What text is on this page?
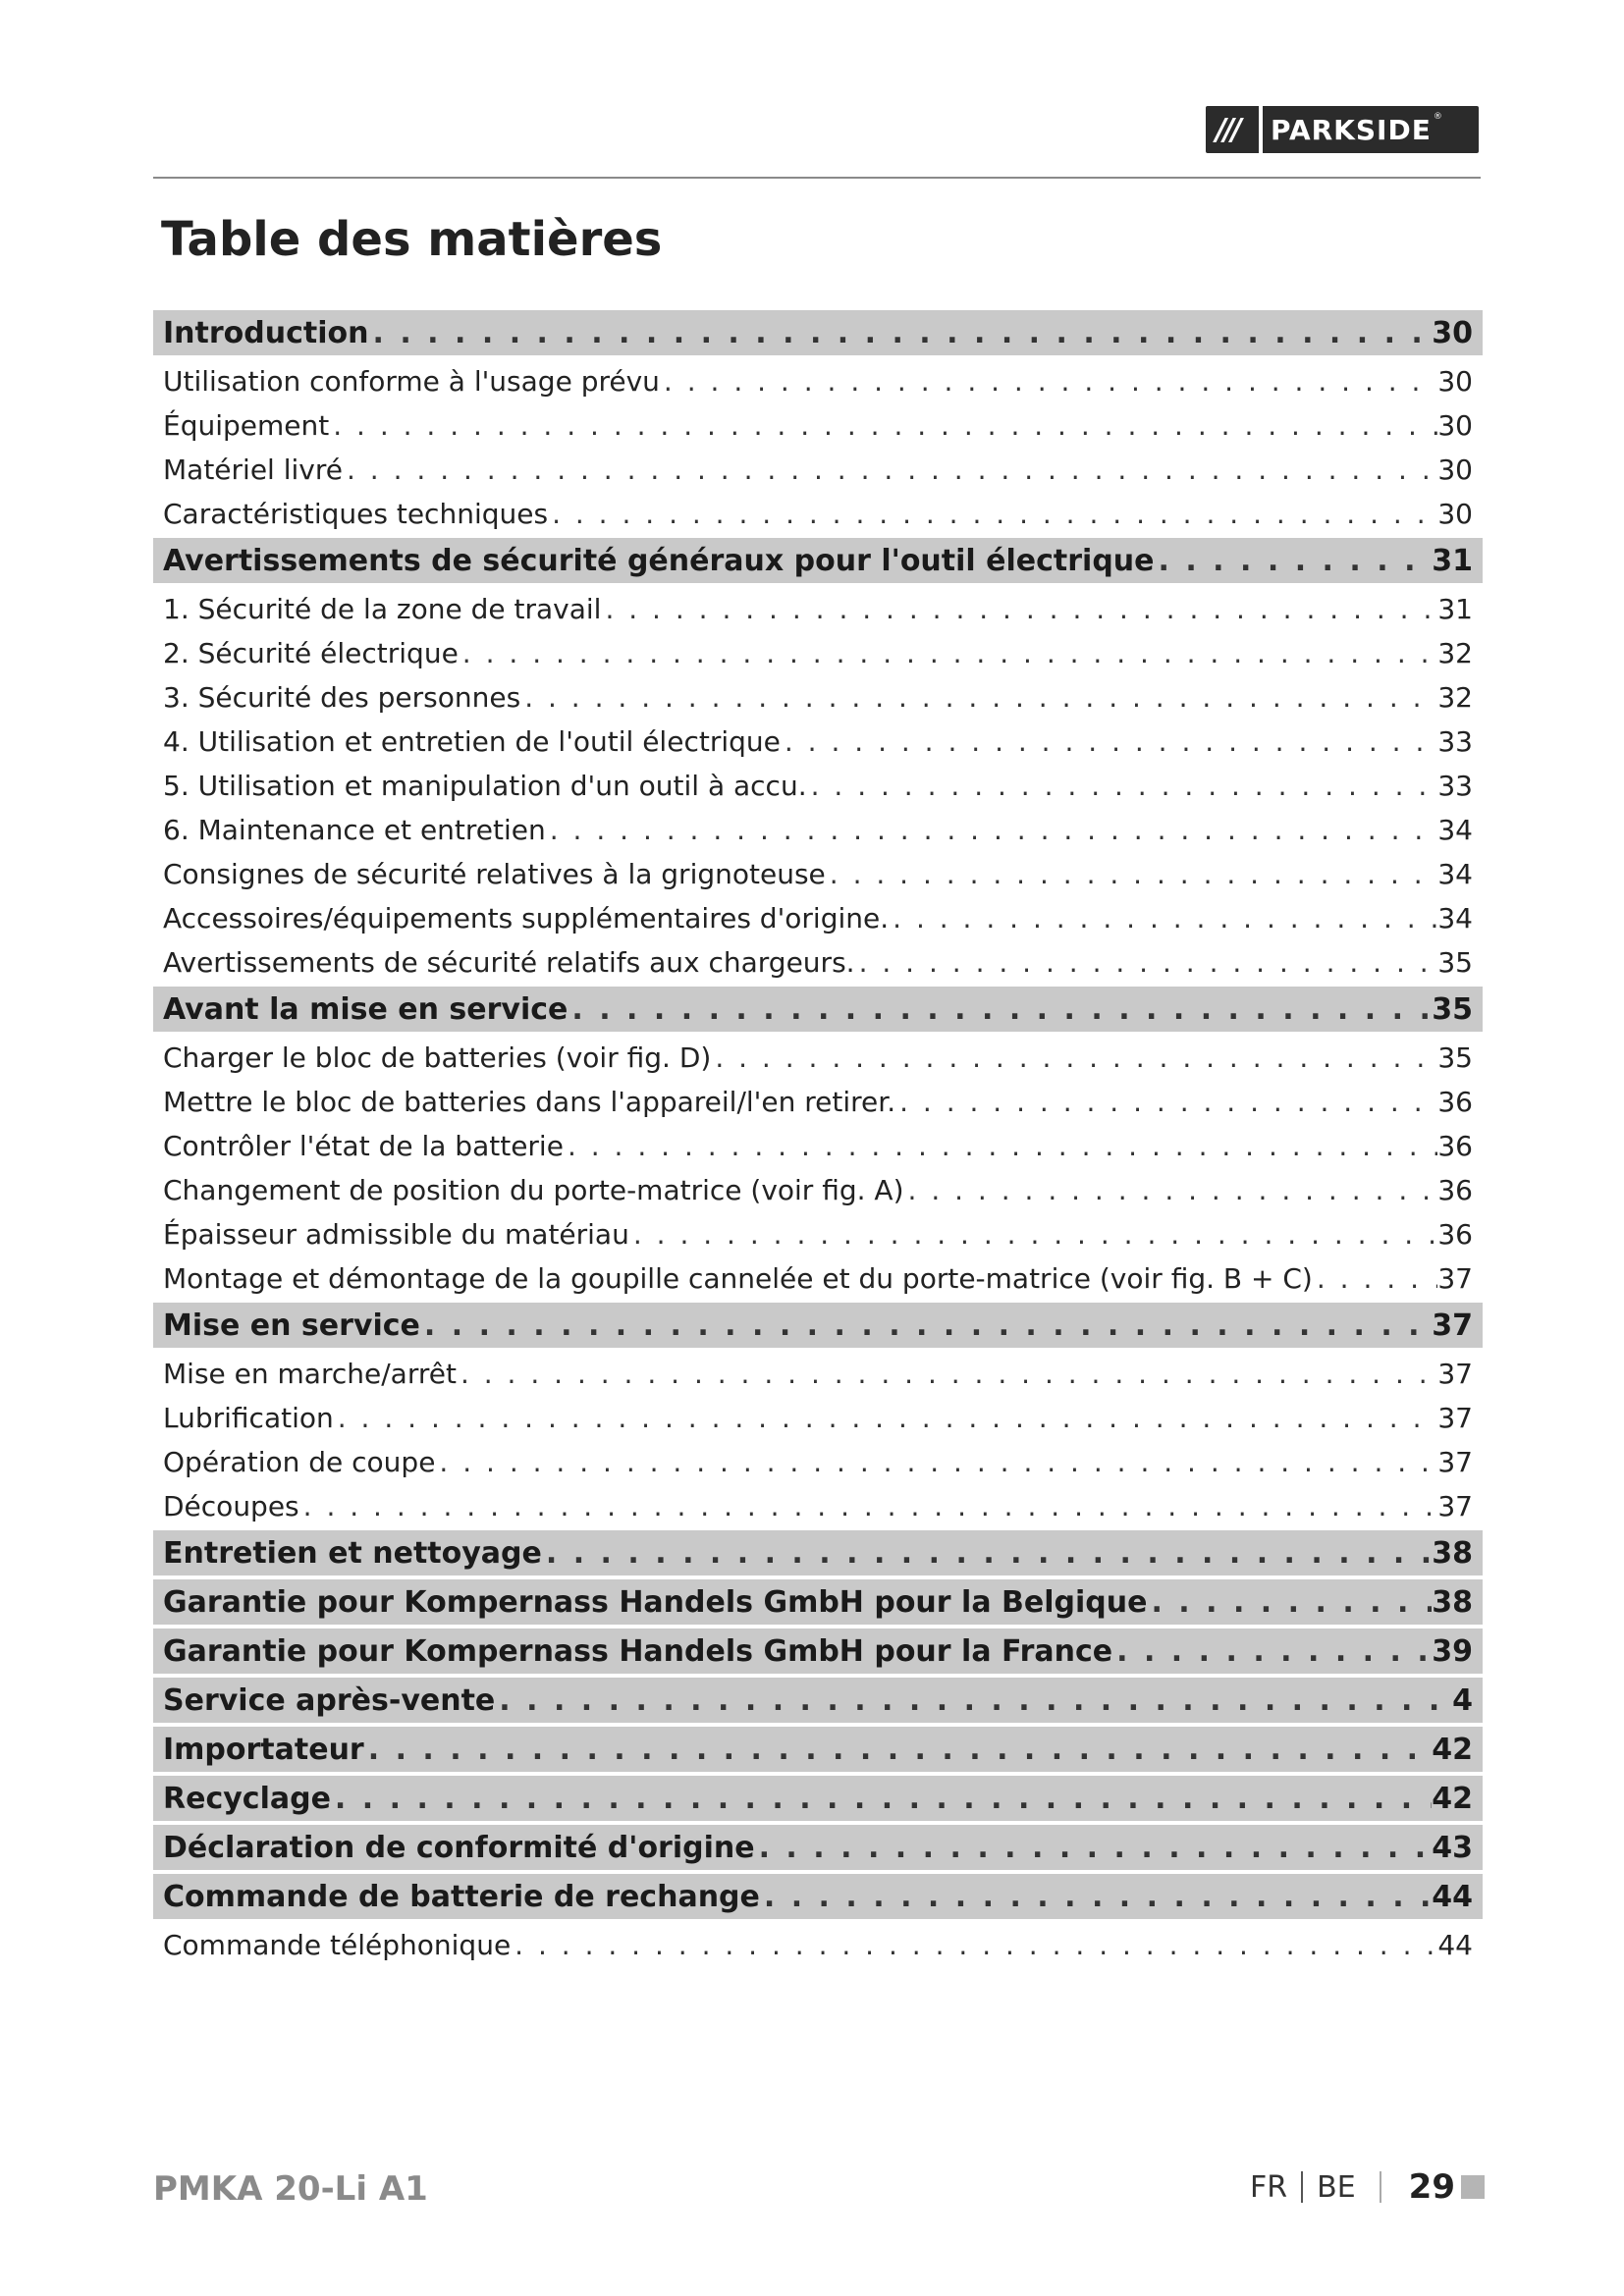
///	PARKSIDE ®
Table des matières
Introduction . . .	30
Utilisation conforme à l'usage prévu . . .	30
Équipement . . .	30
Matériel livré . . .	30
Caractéristiques techniques . . .	30
Avertissements de sécurité généraux pour l'outil électrique . . .	31
1. Sécurité de la zone de travail . . .	31
2. Sécurité électrique . . .	32
3. Sécurité des personnes . . .	32
4. Utilisation et entretien de l'outil électrique . . .	33
5. Utilisation et manipulation d'un outil à accu. . . .	33
6. Maintenance et entretien . . .	34
Consignes de sécurité relatives à la grignoteuse . . .	34
Accessoires/équipements supplémentaires d'origine. . . .	34
Avertissements de sécurité relatifs aux chargeurs. . . .	35
Avant la mise en service . . .	35
Charger le bloc de batteries (voir fig. D) . . .	35
Mettre le bloc de batteries dans l'appareil/l'en retirer. . . .	36
Contrôler l'état de la batterie . . .	36
Changement de position du porte-matrice (voir fig. A) . . .	36
Épaisseur admissible du matériau . . .	36
Montage et démontage de la goupille cannelée et du porte-matrice (voir fig. B + C) . . .	37
Mise en service . . .	37
Mise en marche/arrêt . . .	37
Lubrification . . .	37
Opération de coupe . . .	37
Découpes . . .	37
Entretien et nettoyage . . .	38
Garantie pour Kompernass Handels GmbH pour la Belgique . . .	38
Garantie pour Kompernass Handels GmbH pour la France . . .	39
Service après-vente . . .	4
Importateur . . .	42
Recyclage . . .	42
Déclaration de conformité d'origine . . .	43
Commande de batterie de rechange . . .	44
Commande téléphonique . . .	44
PMKA 20-Li A1	FR BE 29
